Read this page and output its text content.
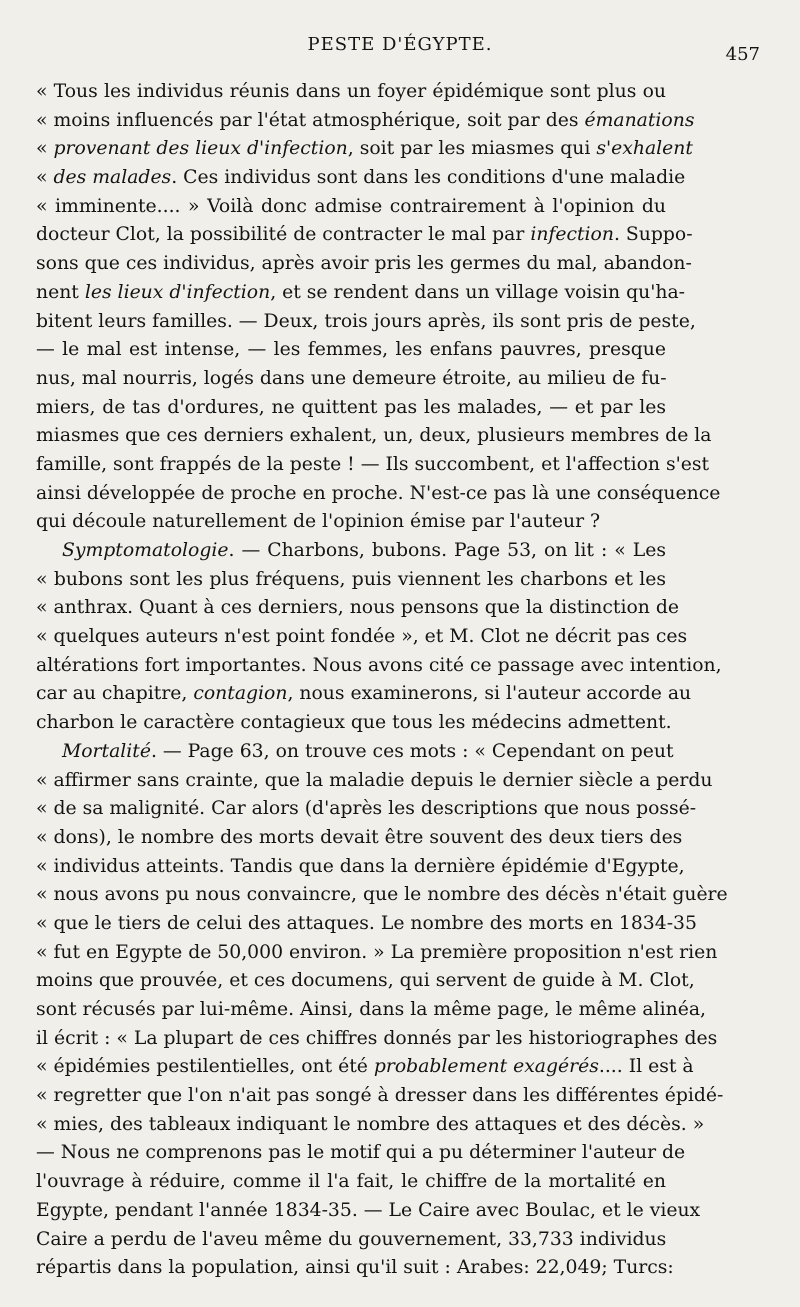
PESTE D'ÉGYPTE.	457
« Tous les individus réunis dans un foyer épidémique sont plus ou
« moins influencés par l'état atmosphérique, soit par des émanations
« provenant des lieux d'infection, soit par les miasmes qui s'exhalent
« des malades. Ces individus sont dans les conditions d'une maladie
« imminente.... » Voilà donc admise contrairement à l'opinion du
docteur Clot, la possibilité de contracter le mal par infection. Suppo-
sons que ces individus, après avoir pris les germes du mal, abandon-
nent les lieux d'infection, et se rendent dans un village voisin qu'ha-
bitent leurs familles. — Deux, trois jours après, ils sont pris de peste,
— le mal est intense, — les femmes, les enfans pauvres, presque
nus, mal nourris, logés dans une demeure étroite, au milieu de fu-
miers, de tas d'ordures, ne quittent pas les malades, — et par les
miasmes que ces derniers exhalent, un, deux, plusieurs membres de la
famille, sont frappés de la peste ! — Ils succombent, et l'affection s'est
ainsi développée de proche en proche. N'est-ce pas là une conséquence
qui découle naturellement de l'opinion émise par l'auteur ?
Symptomatologie. — Charbons, bubons. Page 53, on lit : « Les
« bubons sont les plus fréquens, puis viennent les charbons et les
« anthrax. Quant à ces derniers, nous pensons que la distinction de
« quelques auteurs n'est point fondée », et M. Clot ne décrit pas ces
altérations fort importantes. Nous avons cité ce passage avec intention,
car au chapitre, contagion, nous examinerons, si l'auteur accorde au
charbon le caractère contagieux que tous les médecins admettent.
Mortalité. — Page 63, on trouve ces mots : « Cependant on peut
« affirmer sans crainte, que la maladie depuis le dernier siècle a perdu
« de sa malignité. Car alors (d'après les descriptions que nous possé-
« dons), le nombre des morts devait être souvent des deux tiers des
« individus atteints. Tandis que dans la dernière épidémie d'Egypte,
« nous avons pu nous convaincre, que le nombre des décès n'était guère
« que le tiers de celui des attaques. Le nombre des morts en 1834-35
« fut en Egypte de 50,000 environ. » La première proposition n'est rien
moins que prouvée, et ces documens, qui servent de guide à M. Clot,
sont récusés par lui-même. Ainsi, dans la même page, le même alinéa,
il écrit : « La plupart de ces chiffres donnés par les historiographes des
« épidémies pestilentielles, ont été probablement exagérés.... Il est à
« regretter que l'on n'ait pas songé à dresser dans les différentes épidé-
« mies, des tableaux indiquant le nombre des attaques et des décès. »
— Nous ne comprenons pas le motif qui a pu déterminer l'auteur de
l'ouvrage à réduire, comme il l'a fait, le chiffre de la mortalité en
Egypte, pendant l'année 1834-35. — Le Caire avec Boulac, et le vieux
Caire a perdu de l'aveu même du gouvernement, 33,733 individus
répartis dans la population, ainsi qu'il suit : Arabes: 22,049; Turcs:
